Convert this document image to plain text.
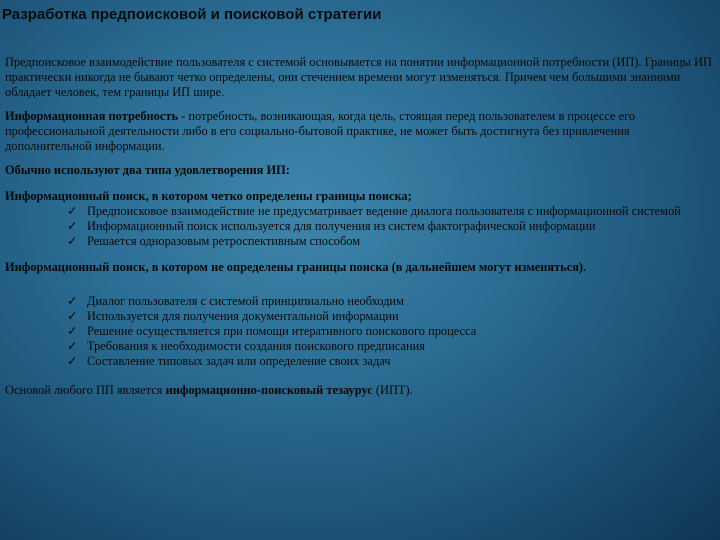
Разработка предпоисковой и поисковой стратегии

Предпоисковое взаимодействие пользователя с системой основывается на понятии информационной потребности (ИП). Границы ИП практически никогда не бывают четко определены, они стечением времени могут изменяться. Причем чем большими знаниями обладает человек, тем границы ИП шире.

Информационная потребность - потребность, возникающая, когда цель, стоящая перед пользователем в процессе его профессиональной деятельности либо в его социально-бытовой практике, не может быть достигнута без привлечения дополнительной информации.

Обычно используют два типа удовлетворения ИП:

Информационный поиск, в котором четко определены границы поиска;

✓ Предпоисковое взаимодействие не предусматривает ведение диалога пользователя с информационной системой
✓ Информационный поиск используется для получения из систем фактографической информации
✓ Решается одноразовым ретроспективным способом

Информационный поиск, в котором не определены границы поиска (в дальнейшем могут изменяться).

✓ Диалог пользователя с системой принципиально необходим
✓ Используется для получения документальной информации
✓ Решение осуществляется при помощи итеративного поискового процесса
✓ Требования к необходимости создания поискового предписания
✓ Составление типовых задач или определение своих задач

Основой любого ПП является информационно-поисковый тезаурус (ИПТ).
